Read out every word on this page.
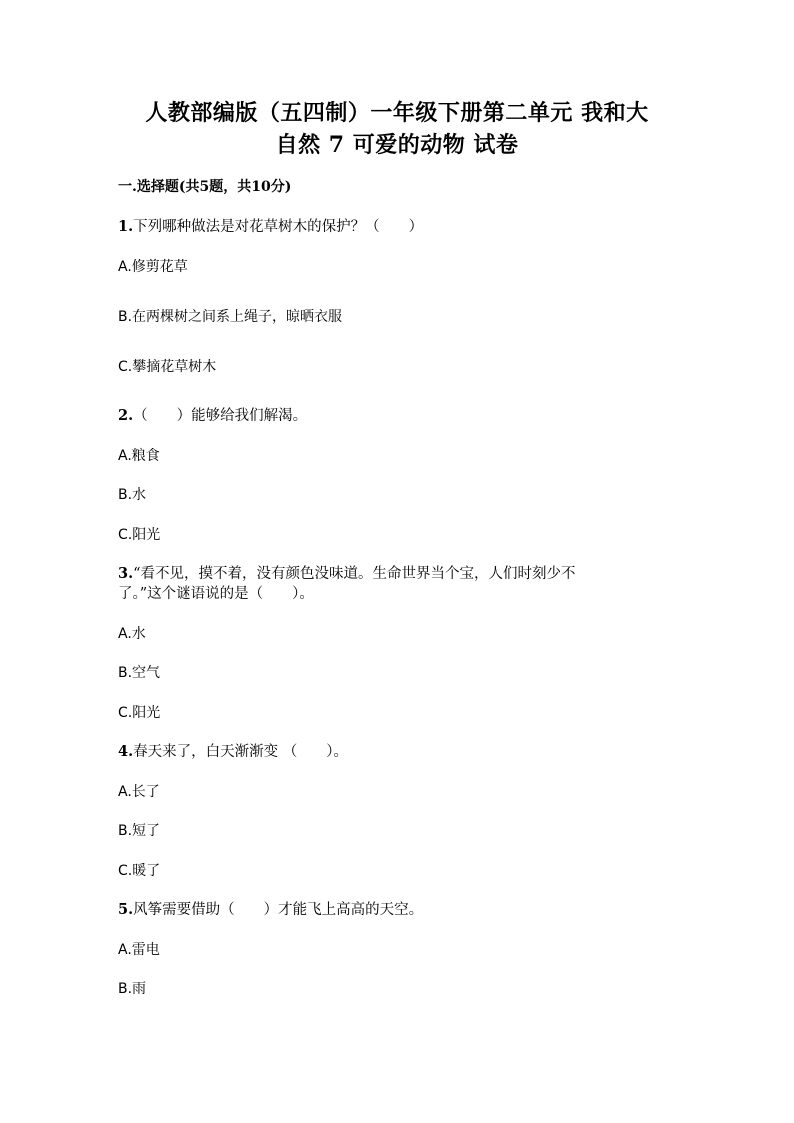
人教部编版（五四制）一年级下册第二单元 我和大
自然 7 可爱的动物 试卷
一.选择题(共5题，共10分)
1.下列哪种做法是对花草树木的保护？（　　）
A.修剪花草
B.在两棵树之间系上绳子，晾晒衣服
C.攀摘花草树木
2.（　　）能够给我们解渴。
A.粮食
B.水
C.阳光
3.“看不见，摸不着，没有颜色没味道。生命世界当个宝，人们时刻少不
了。”这个谜语说的是（　　）。
A.水
B.空气
C.阳光
4.春天来了，白天渐渐变 （　　）。
A.长了
B.短了
C.暖了
5.风筝需要借助（　　）才能飞上高高的天空。
A.雷电
B.雨
